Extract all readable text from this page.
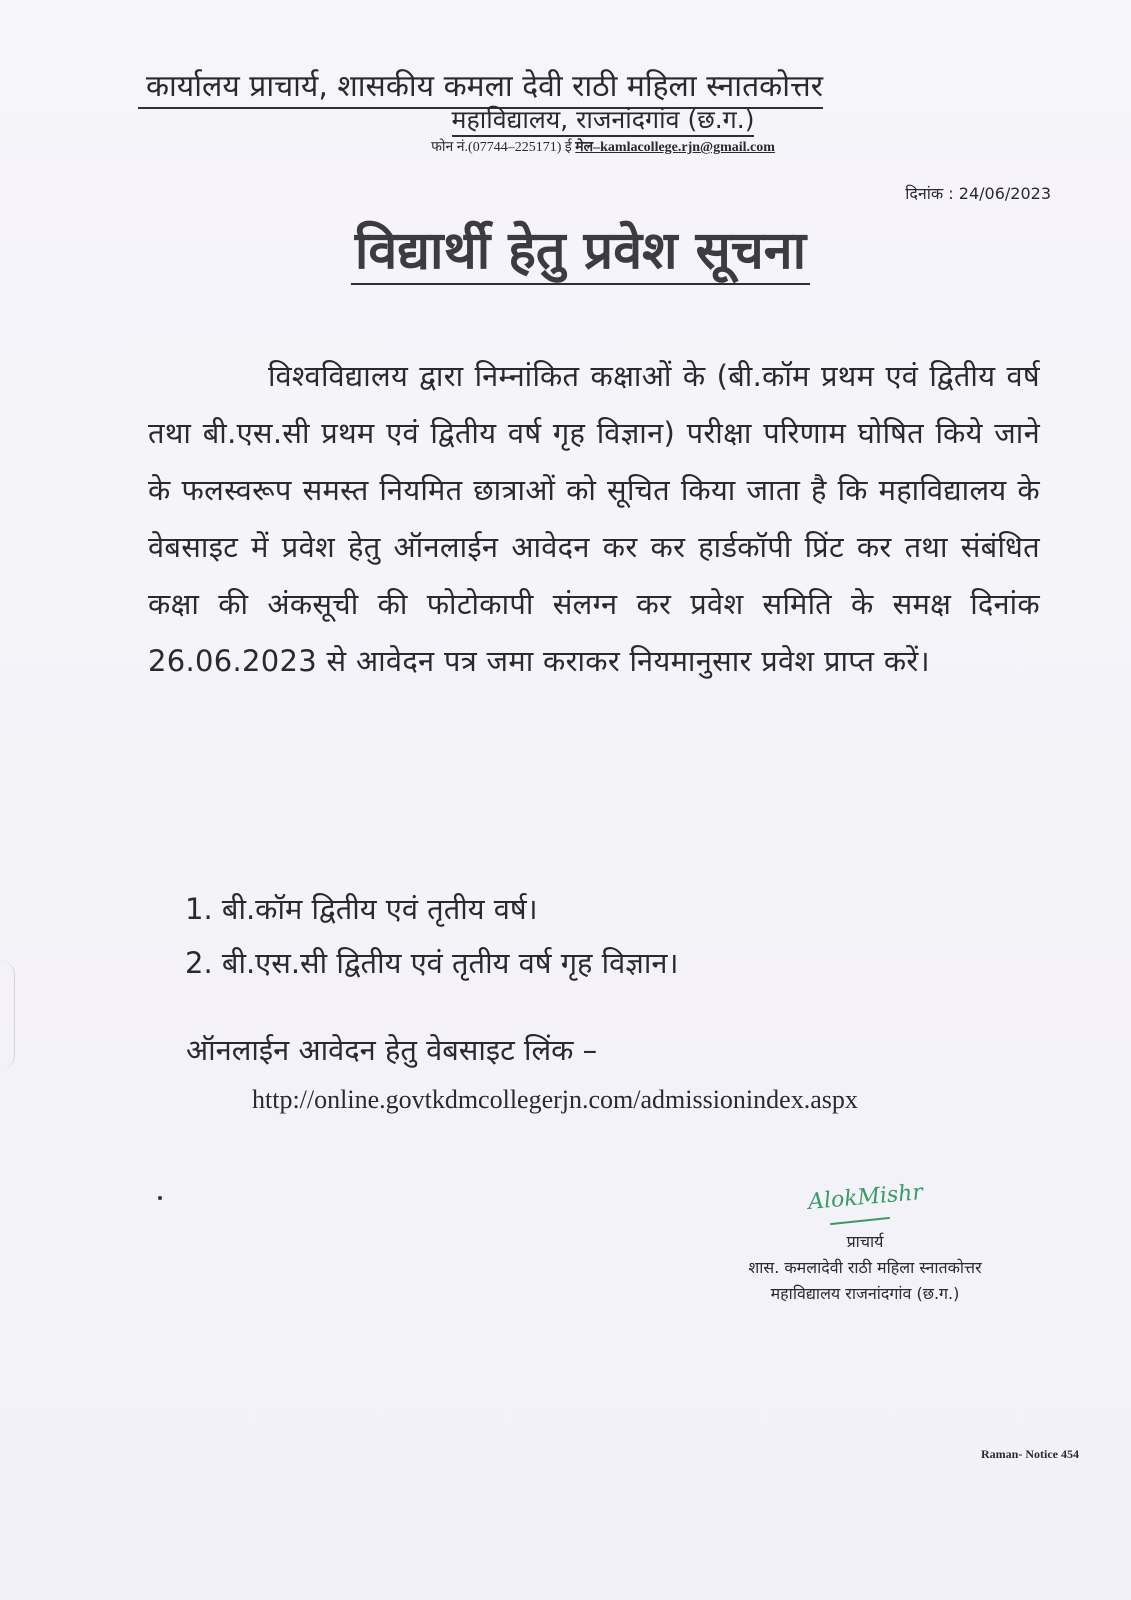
कार्यालय प्राचार्य, शासकीय कमला देवी राठी महिला स्नातकोत्तर
महाविद्यालय, राजनांदगांव (छ.ग.)
फोन नं.(07744–225171) ई मेल–kamlacollege.rjn@gmail.com
दिनांक : 24/06/2023
विद्यार्थी हेतु प्रवेश सूचना
विश्वविद्यालय द्वारा निम्नांकित कक्षाओं के (बी.कॉम प्रथम एवं द्वितीय वर्ष तथा बी.एस.सी प्रथम एवं द्वितीय वर्ष गृह विज्ञान) परीक्षा परिणाम घोषित किये जाने के फलस्वरूप समस्त नियमित छात्राओं को सूचित किया जाता है कि महाविद्यालय के वेबसाइट में प्रवेश हेतु ऑनलाईन आवेदन कर कर हार्डकॉपी प्रिंट कर तथा संबंधित कक्षा की अंकसूची की फोटोकापी संलग्न कर प्रवेश समिति के समक्ष दिनांक 26.06.2023 से आवेदन पत्र जमा कराकर नियमानुसार प्रवेश प्राप्त करें।
1. बी.कॉम द्वितीय एवं तृतीय वर्ष।
2. बी.एस.सी द्वितीय एवं तृतीय वर्ष गृह विज्ञान।
ऑनलाईन आवेदन हेतु वेबसाइट लिंक –
http://online.govtkdmcollegerjn.com/admissionindex.aspx
AlokMishr
प्राचार्य
शास. कमलादेवी राठी महिला स्नातकोत्तर
महाविद्यालय राजनांदगांव (छ.ग.)
Raman- Notice 454
